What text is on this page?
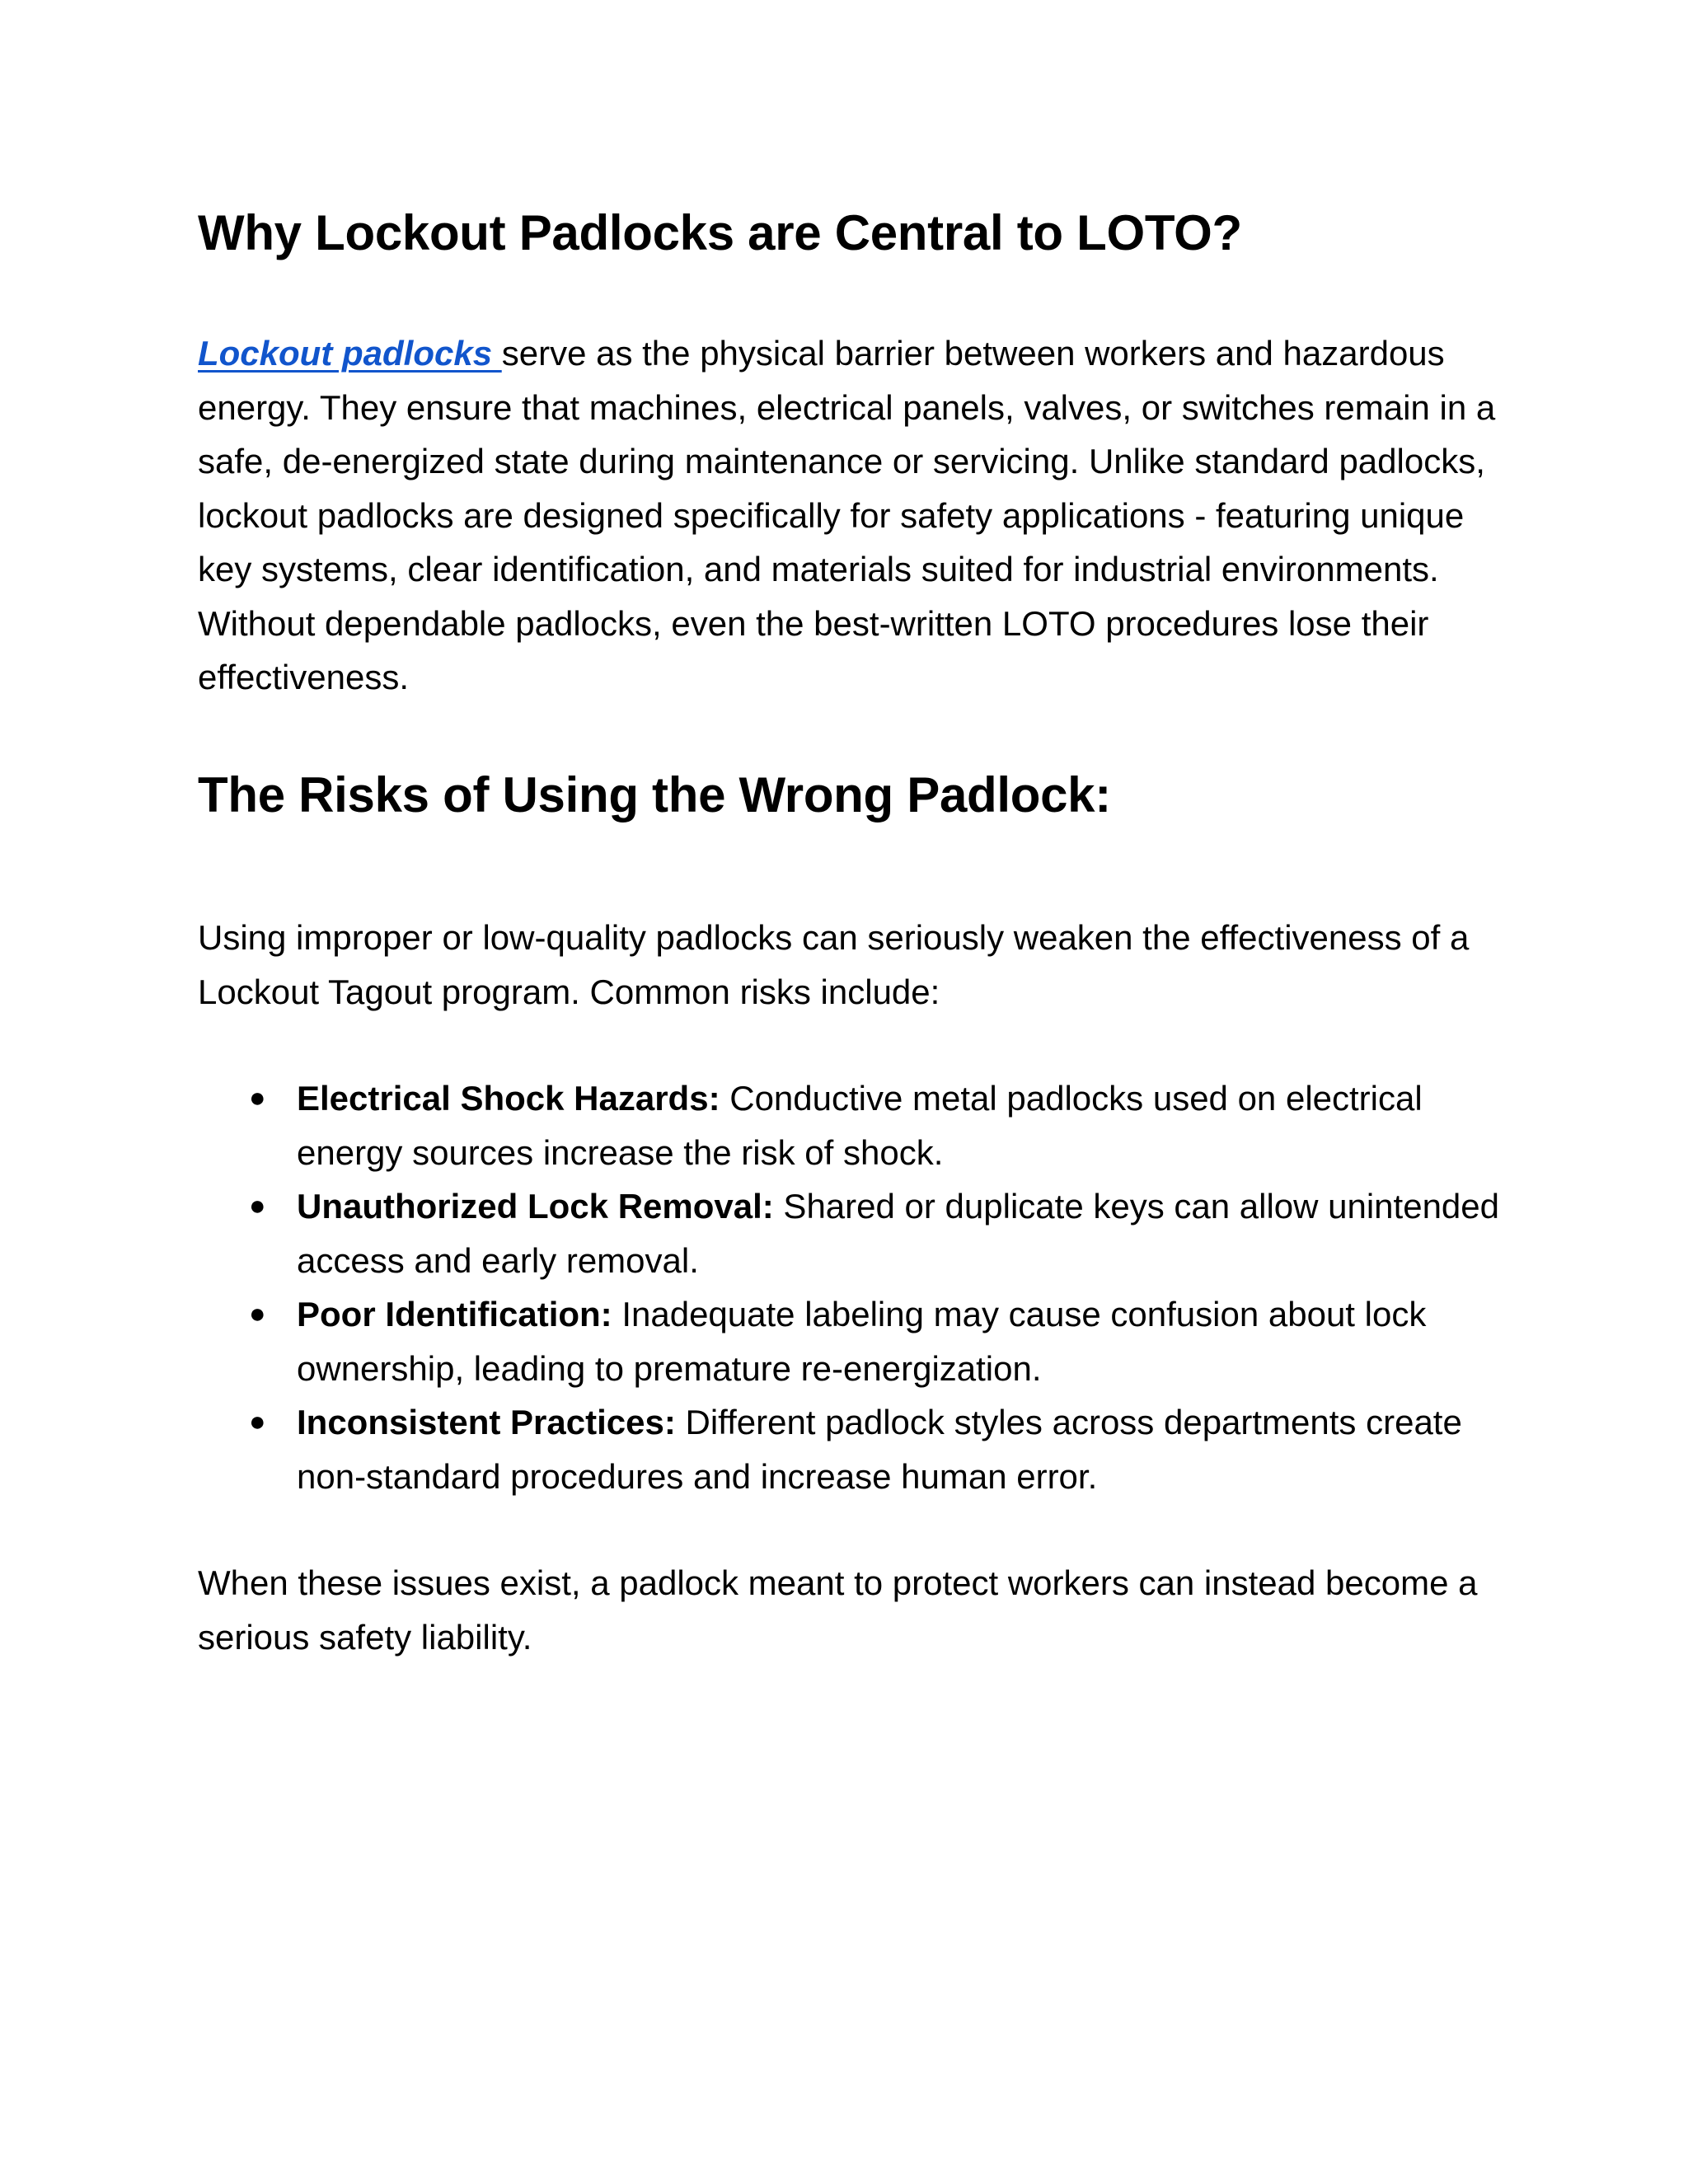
Why Lockout Padlocks are Central to LOTO?

Lockout padlocks serve as the physical barrier between workers and hazardous energy. They ensure that machines, electrical panels, valves, or switches remain in a safe, de-energized state during maintenance or servicing. Unlike standard padlocks, lockout padlocks are designed specifically for safety applications - featuring unique key systems, clear identification, and materials suited for industrial environments. Without dependable padlocks, even the best-written LOTO procedures lose their effectiveness.

The Risks of Using the Wrong Padlock:

Using improper or low-quality padlocks can seriously weaken the effectiveness of a Lockout Tagout program. Common risks include:

● Electrical Shock Hazards: Conductive metal padlocks used on electrical energy sources increase the risk of shock.
● Unauthorized Lock Removal: Shared or duplicate keys can allow unintended access and early removal.
● Poor Identification: Inadequate labeling may cause confusion about lock ownership, leading to premature re-energization.
● Inconsistent Practices: Different padlock styles across departments create non-standard procedures and increase human error.

When these issues exist, a padlock meant to protect workers can instead become a serious safety liability.
